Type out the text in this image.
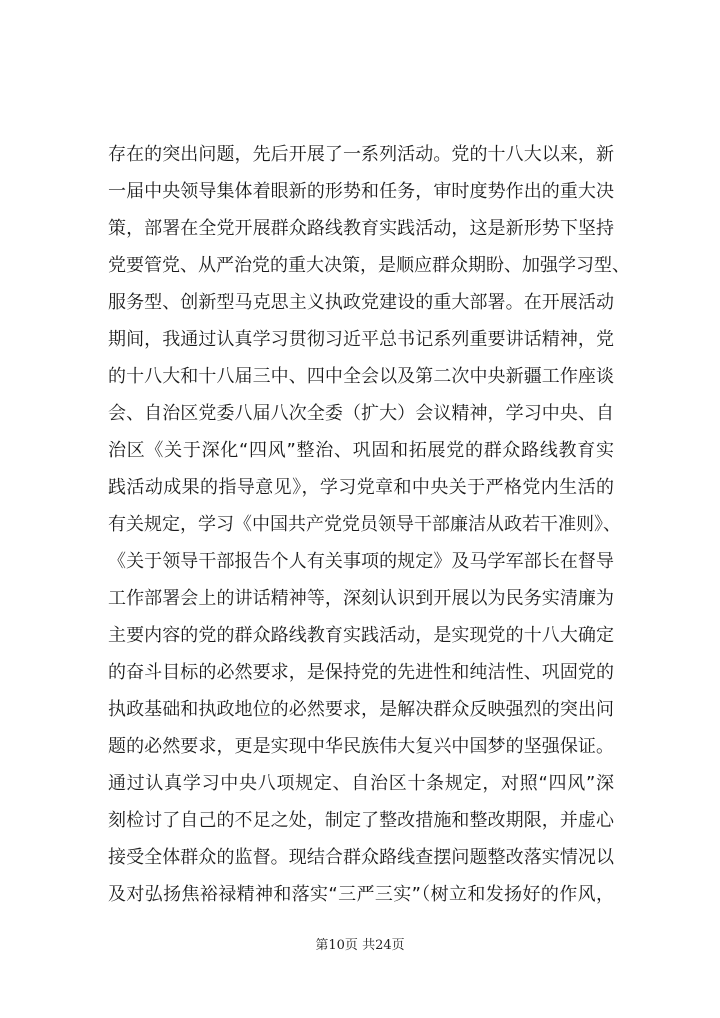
存在的突出问题，先后开展了一系列活动。党的十八大以来，新
一届中央领导集体着眼新的形势和任务，审时度势作出的重大决
策，部署在全党开展群众路线教育实践活动，这是新形势下坚持
党要管党、从严治党的重大决策，是顺应群众期盼、加强学习型、
服务型、创新型马克思主义执政党建设的重大部署。在开展活动
期间，我通过认真学习贯彻习近平总书记系列重要讲话精神，党
的十八大和十八届三中、四中全会以及第二次中央新疆工作座谈
会、自治区党委八届八次全委（扩大）会议精神，学习中央、自
治区《关于深化“四风”整治、巩固和拓展党的群众路线教育实
践活动成果的指导意见》，学习党章和中央关于严格党内生活的
有关规定，学习《中国共产党党员领导干部廉洁从政若干准则》、
《关于领导干部报告个人有关事项的规定》及马学军部长在督导
工作部署会上的讲话精神等，深刻认识到开展以为民务实清廉为
主要内容的党的群众路线教育实践活动，是实现党的十八大确定
的奋斗目标的必然要求，是保持党的先进性和纯洁性、巩固党的
执政基础和执政地位的必然要求，是解决群众反映强烈的突出问
题的必然要求，更是实现中华民族伟大复兴中国梦的坚强保证。
通过认真学习中央八项规定、自治区十条规定，对照“四风”深
刻检讨了自己的不足之处，制定了整改措施和整改期限，并虚心
接受全体群众的监督。现结合群众路线查摆问题整改落实情况以
及对弘扬焦裕禄精神和落实“三严三实”（树立和发扬好的作风，
第10页 共24页
